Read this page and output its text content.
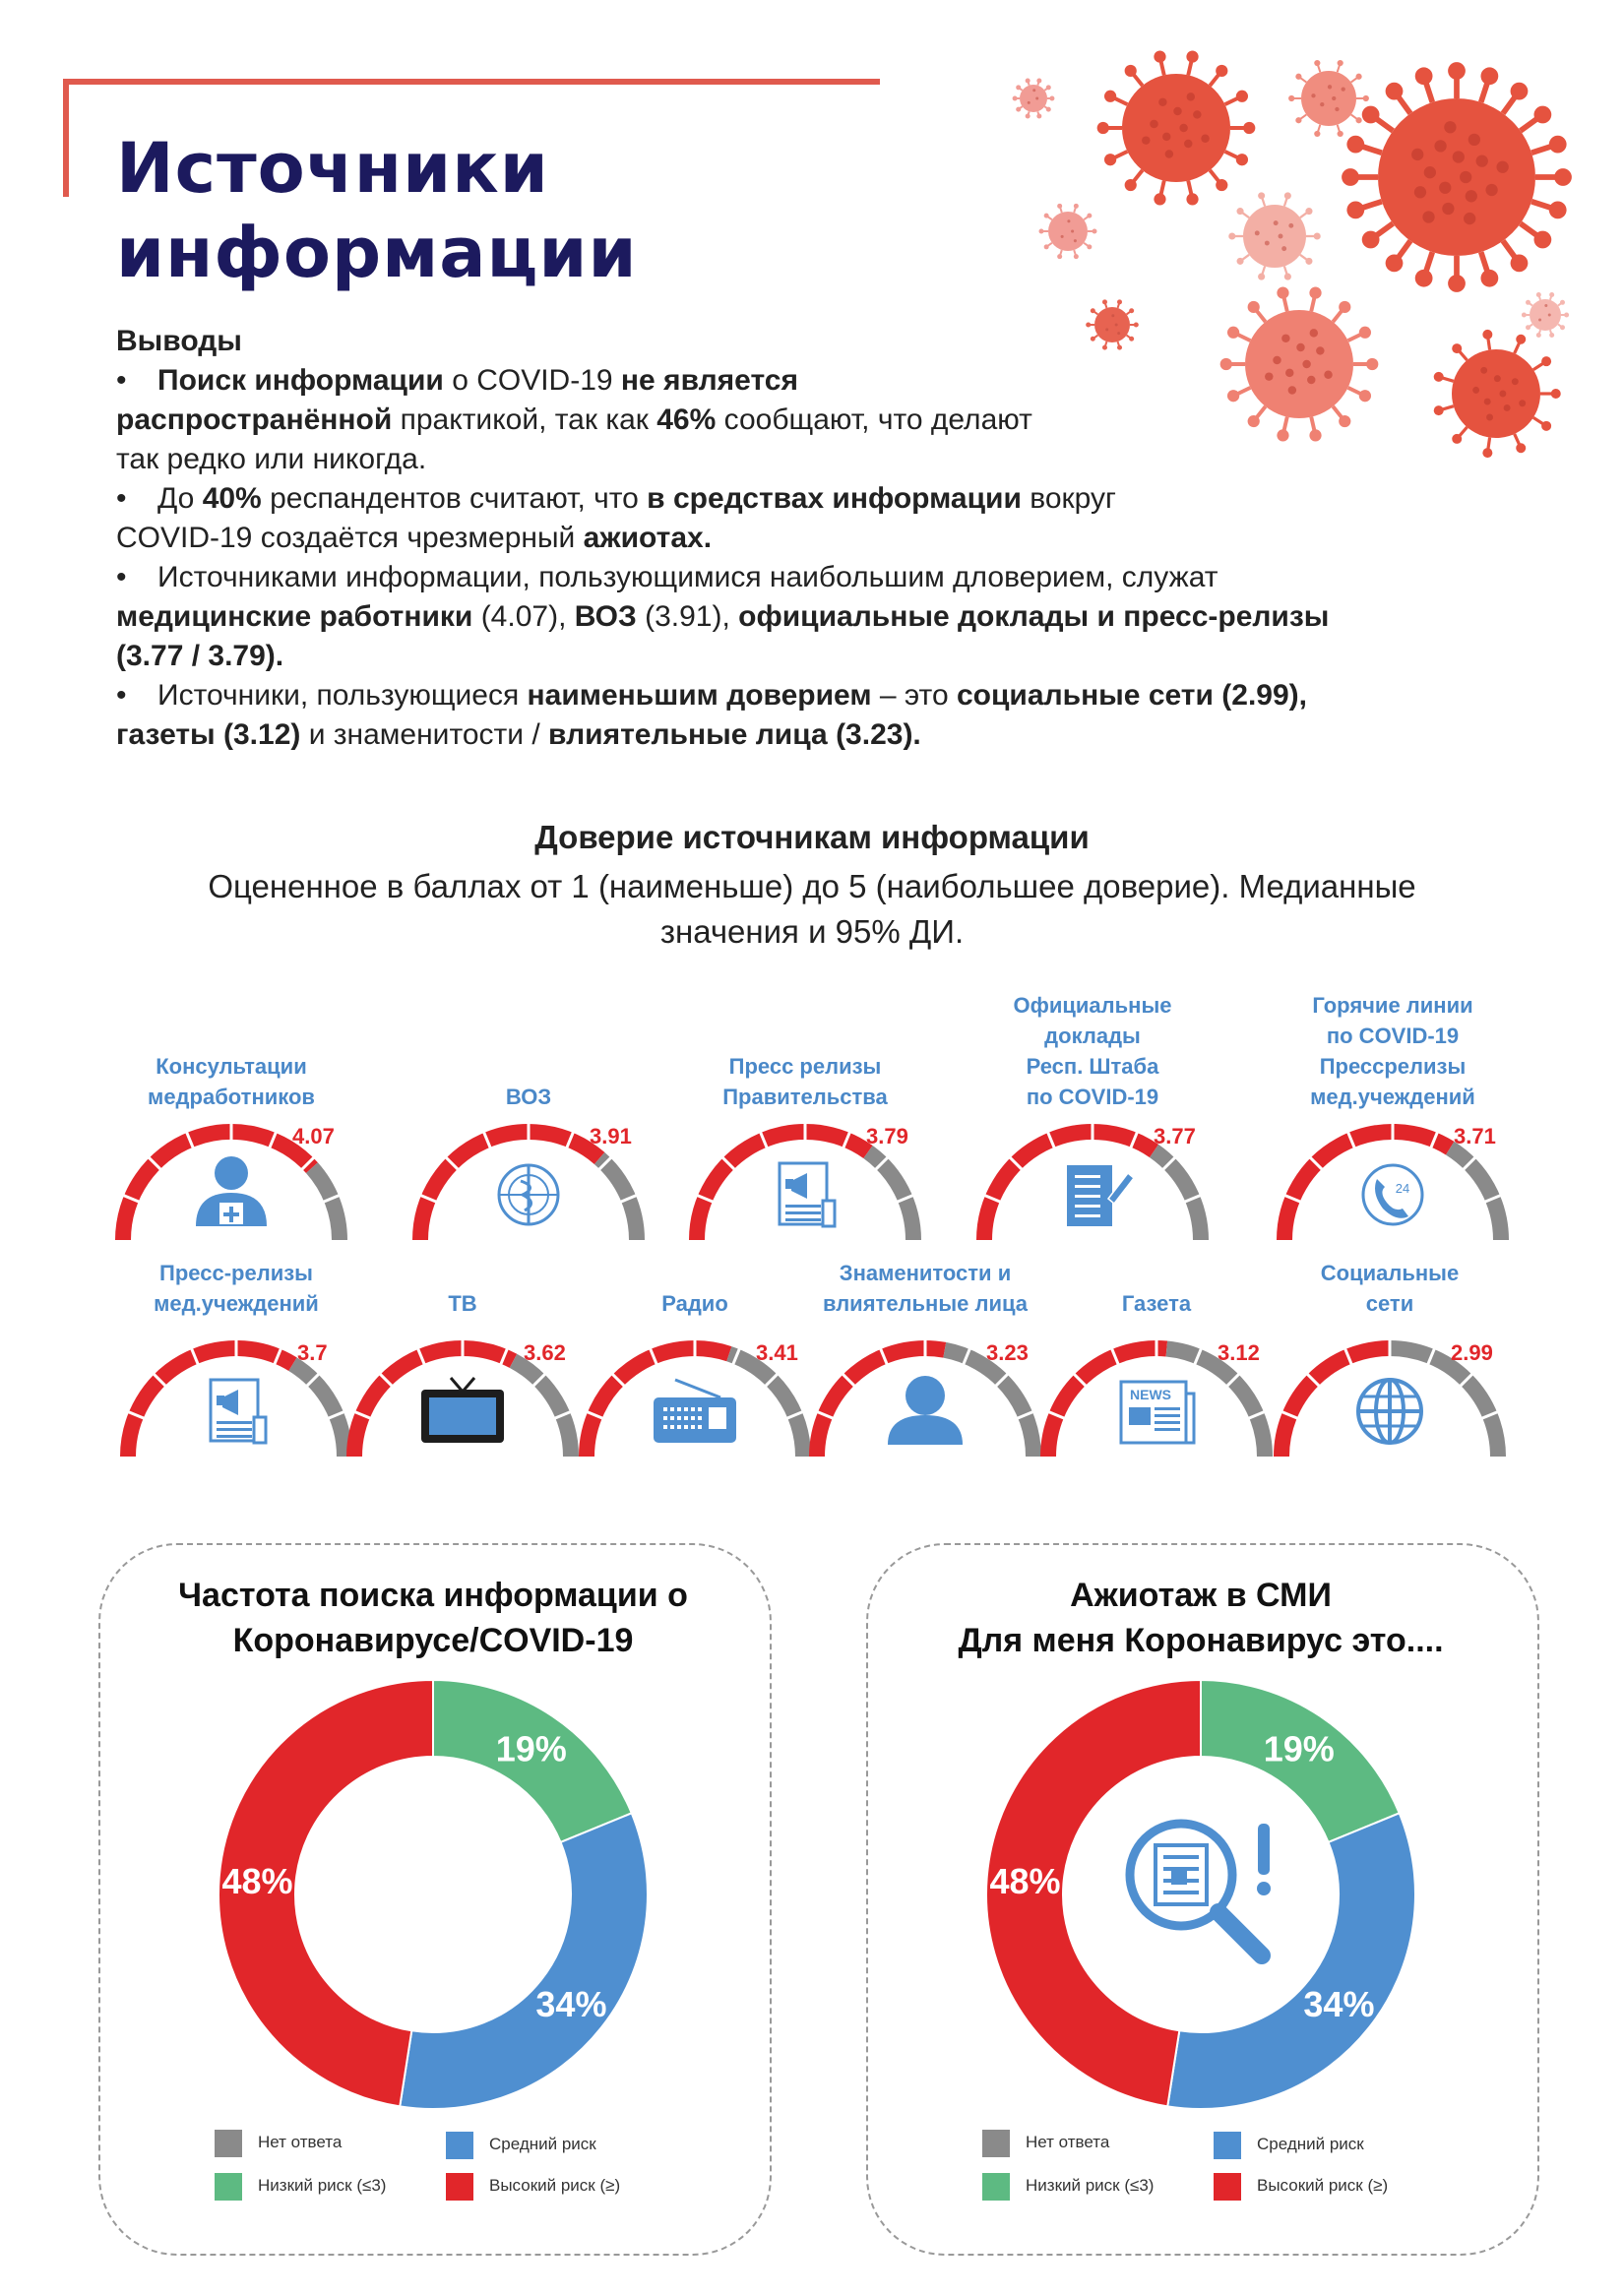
Источники
информации
Выводы
• Поиск информации о COVID-19 не является
распространённой практикой, так как 46% сообщают, что делают
так редко или никогда.
• До 40% респандентов считают, что в средствах информации вокруг
COVID-19 создаётся чрезмерный ажиотах.
• Источниками информации, пользующимися наибольшим дловерием, служат
медицинские работники (4.07), ВОЗ (3.91), официальные доклады и пресс-релизы
(3.77 / 3.79).
• Источники, пользующиеся наименьшим доверием – это социальные сети (2.99),
газеты (3.12) и знаменитости / влиятельные лица (3.23).
Доверие источникам информации
Оцененное в баллах от 1 (наименьше) до 5 (наибольшее доверие). Медианные значения и 95% ДИ.
4.07
Консультации
медработников
3.91
ВОЗ
3.79
Пресс релизы
Правительства
3.77
Официальные
доклады
Респ. Штаба
по COVID-19
24
3.71
Горячие линии
по COVID-19
Прессрелизы
мед.учеждений
3.7
Пресс-релизы
мед.учеждений
3.62
ТВ
3.41
Радио
3.23
Знаменитости и
влиятельные лица
NEWS
3.12
Газета
2.99
Социальные
сети
Частота поиска информации о
Коронавирусе/COVID-19
Ажиотаж в СМИ
Для меня Коронавирус это....
19%
34%
48%
19%
34%
48%
Нет ответа	Средний риск
Низкий риск (≤3)	Высокий риск (≥)
Нет ответа	Средний риск
Низкий риск (≤3)	Высокий риск (≥)
